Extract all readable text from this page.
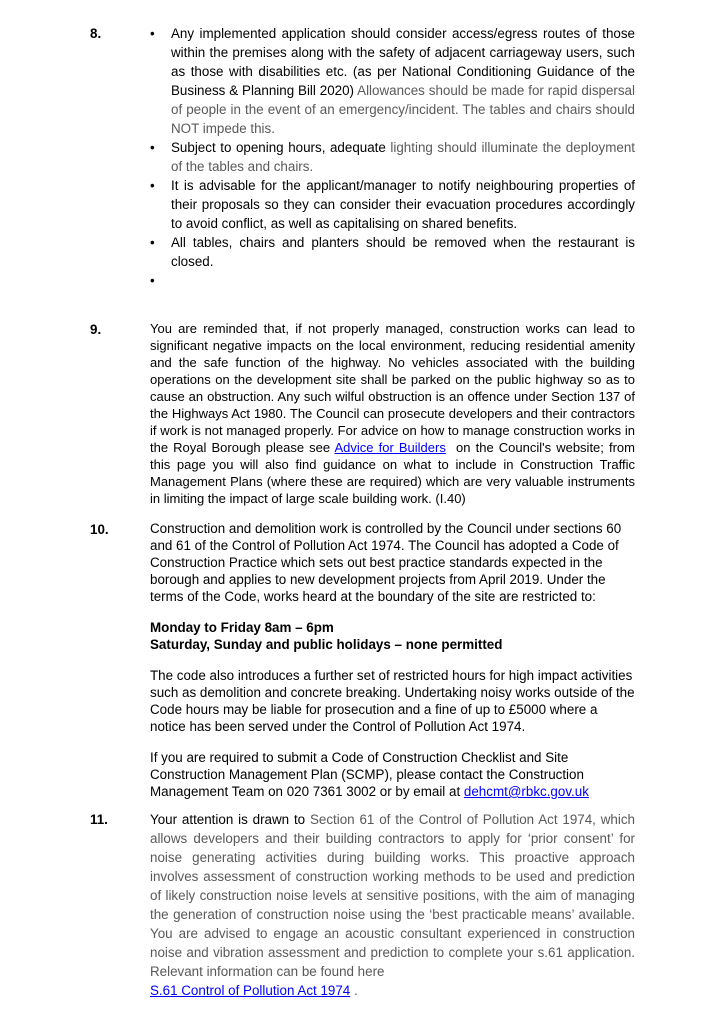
8.	•	Any implemented application should consider access/egress routes of those within the premises along with the safety of adjacent carriageway users, such as those with disabilities etc. (as per National Conditioning Guidance of the Business & Planning Bill 2020) Allowances should be made for rapid dispersal of people in the event of an emergency/incident. The tables and chairs should NOT impede this.
•	Subject to opening hours, adequate lighting should illuminate the deployment of the tables and chairs.
•	It is advisable for the applicant/manager to notify neighbouring properties of their proposals so they can consider their evacuation procedures accordingly to avoid conflict, as well as capitalising on shared benefits.
•	All tables, chairs and planters should be removed when the restaurant is closed.
•
9.	You are reminded that, if not properly managed, construction works can lead to significant negative impacts on the local environment, reducing residential amenity and the safe function of the highway. No vehicles associated with the building operations on the development site shall be parked on the public highway so as to cause an obstruction. Any such wilful obstruction is an offence under Section 137 of the Highways Act 1980. The Council can prosecute developers and their contractors if work is not managed properly. For advice on how to manage construction works in the Royal Borough please see Advice for Builders  on the Council's website; from this page you will also find guidance on what to include in Construction Traffic Management Plans (where these are required) which are very valuable instruments in limiting the impact of large scale building work. (I.40)

10.	Construction and demolition work is controlled by the Council under sections 60 and 61 of the Control of Pollution Act 1974. The Council has adopted a Code of Construction Practice which sets out best practice standards expected in the borough and applies to new development projects from April 2019. Under the terms of the Code, works heard at the boundary of the site are restricted to:

Monday to Friday 8am – 6pm
Saturday, Sunday and public holidays – none permitted

The code also introduces a further set of restricted hours for high impact activities such as demolition and concrete breaking. Undertaking noisy works outside of the Code hours may be liable for prosecution and a fine of up to £5000 where a notice has been served under the Control of Pollution Act 1974.

If you are required to submit a Code of Construction Checklist and Site Construction Management Plan (SCMP), please contact the Construction Management Team on 020 7361 3002 or by email at dehcmt@rbkc.gov.uk

11.	Your attention is drawn to Section 61 of the Control of Pollution Act 1974, which allows developers and their building contractors to apply for ‘prior consent’ for noise generating activities during building works. This proactive approach involves assessment of construction working methods to be used and prediction of likely construction noise levels at sensitive positions, with the aim of managing the generation of construction noise using the ‘best practicable means’ available. You are advised to engage an acoustic consultant experienced in construction noise and vibration assessment and prediction to complete your s.61 application. Relevant information can be found here
S.61 Control of Pollution Act 1974 .
